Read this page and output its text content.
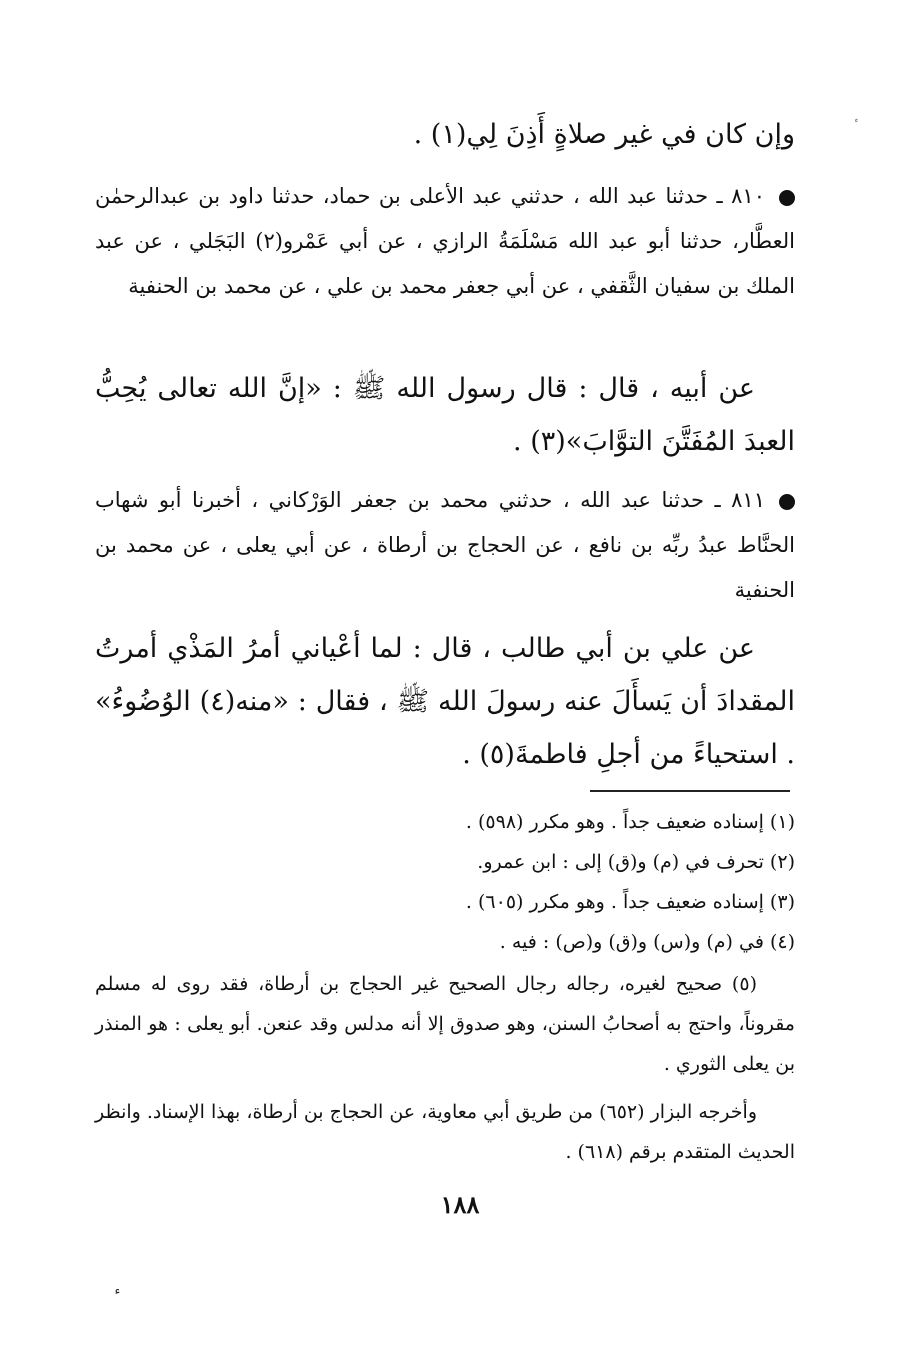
وإن كان في غير صلاةٍ أَذِنَ لِي(١) .
٨١٠ ـ حدثنا عبد الله ، حدثني عبد الأعلى بن حماد، حدثنا داود بن عبدالرحمٰن العطَّار، حدثنا أبو عبد الله مَسْلَمَةُ الرازي ، عن أبي عَمْرو(٢) البَجَلي ، عن عبد الملك بن سفيان الثَّقفي ، عن أبي جعفر محمد بن علي ، عن محمد بن الحنفية
عن أبيه ، قال : قال رسول الله ﷺ : «إنَّ الله تعالى يُحِبُّ العبدَ المُفَتَّنَ التوَّابَ»(٣) .
٨١١ ـ حدثنا عبد الله ، حدثني محمد بن جعفر الوَرْكاني ، أخبرنا أبو شهاب الحنَّاط عبدُ ربِّه بن نافع ، عن الحجاج بن أرطاة ، عن أبي يعلى ، عن محمد بن الحنفية
عن علي بن أبي طالب ، قال : لما أعْياني أمرُ المَذْي أمرتُ المقدادَ أن يَسأَلَ عنه رسولَ الله ﷺ ، فقال : «منه(٤) الوُضُوءُ» . استحياءً من أجلِ فاطمةَ(٥) .
(١) إسناده ضعيف جداً . وهو مكرر (٥٩٨) .
(٢) تحرف في (م) و(ق) إلى : ابن عمرو.
(٣) إسناده ضعيف جداً . وهو مكرر (٦٠٥) .
(٤) في (م) و(س) و(ق) و(ص) : فيه .
(٥) صحيح لغيره، رجاله رجال الصحيح غير الحجاج بن أرطاة، فقد روى له مسلم مقروناً، واحتج به أصحابُ السنن، وهو صدوق إلا أنه مدلس وقد عنعن. أبو يعلى : هو المنذر بن يعلى الثوري .
وأخرجه البزار (٦٥٢) من طريق أبي معاوية، عن الحجاج بن أرطاة، بهذا الإسناد. وانظر الحديث المتقدم برقم (٦١٨) .
١٨٨
